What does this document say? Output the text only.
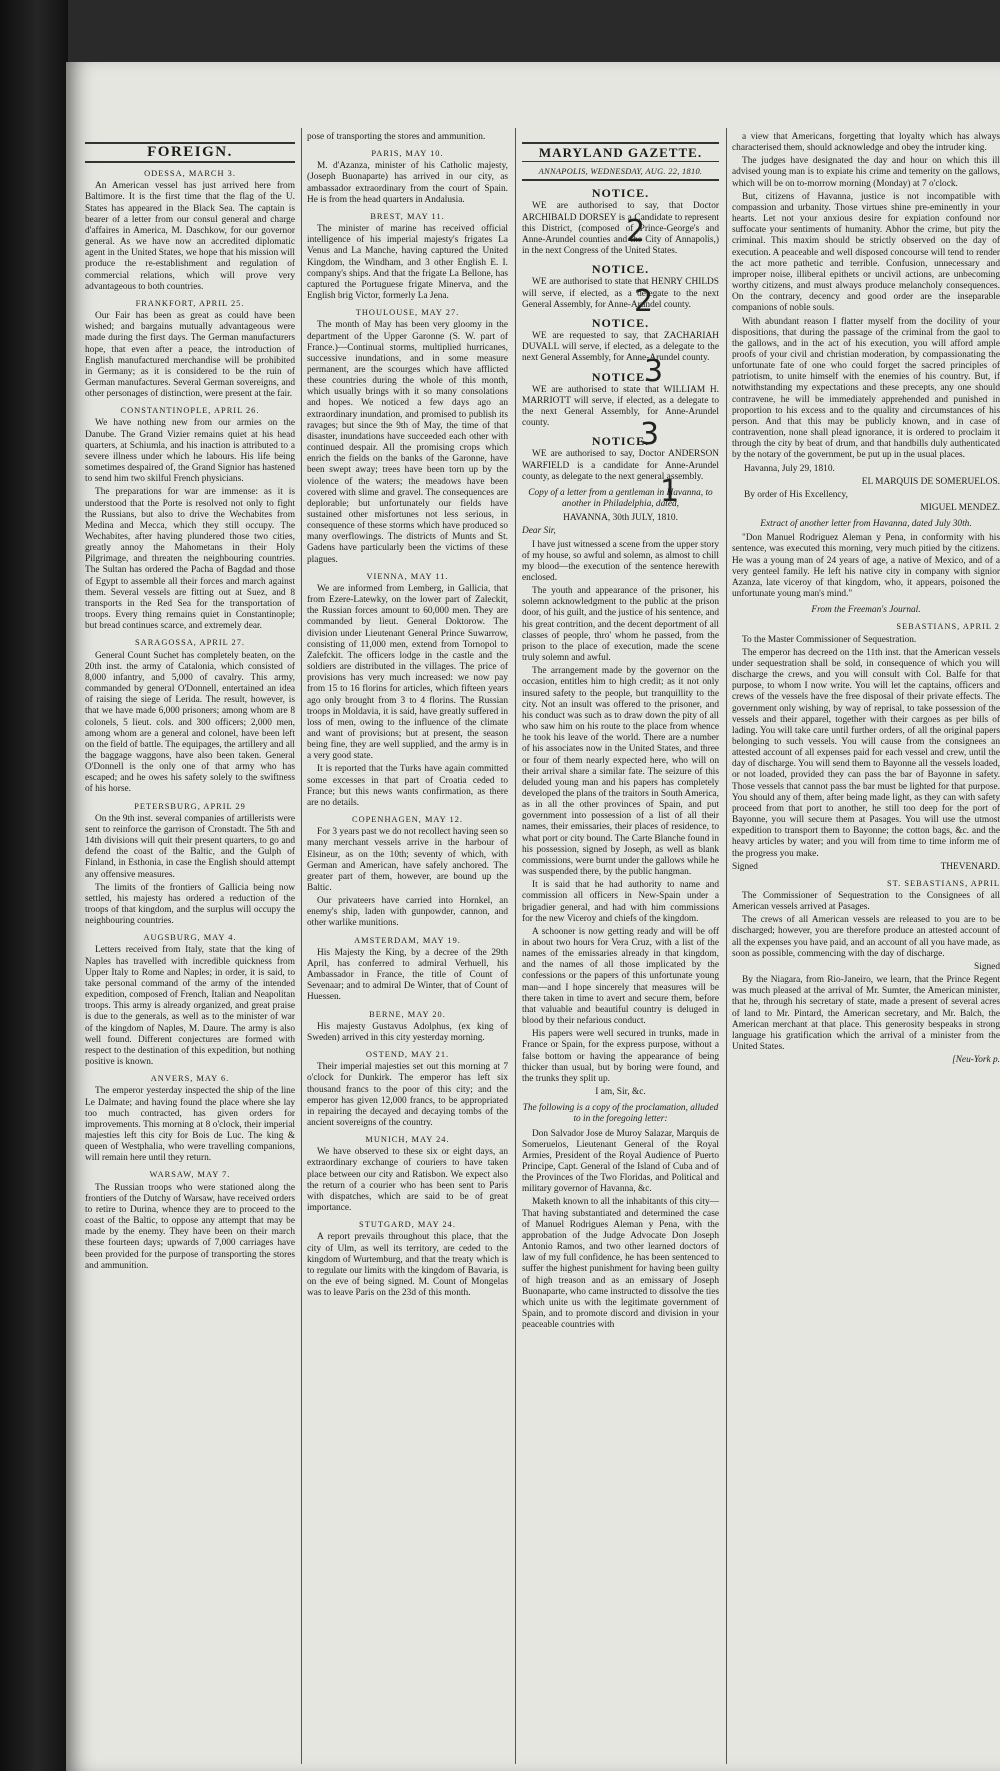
FOREIGN.
ODESSA, MARCH 3.

An American vessel has just arrived here from Baltimore. It is the first time that the flag of the U. States has appeared in the Black Sea. The captain is bearer of a letter from our consul general and charge d'affaires in America, M. Daschkow, for our governor general. As we have now an accredited diplomatic agent in the United States, we hope that his mission will produce the re-establishment and regulation of commercial relations, which will prove very advantageous to both countries.

FRANKFORT, APRIL 25.

Our Fair has been as great as could have been wished; and bargains mutually advantageous were made during the first days. The German manufacturers hope, that even after a peace, the introduction of English manufactured merchandise will be prohibited in Germany; as it is considered to be the ruin of German manufactures. Several German sovereigns, and other personages of distinction, were present at the fair.

CONSTANTINOPLE, APRIL 26.

We have nothing new from our armies on the Danube. The Grand Vizier remains quiet at his head quarters, at Schiumla, and his inaction is attributed to a severe illness under which he labours. His life being sometimes despaired of, the Grand Signior has hastened to send him two skilful French physicians.

The preparations for war are immense: as it is understood that the Porte is resolved not only to fight the Russians, but also to drive the Wechabites from Medina and Mecca, which they still occupy. The Wechabites, after having plundered those two cities, greatly annoy the Mahometans in their Holy Pilgrimage, and threaten the neighbouring countries. The Sultan has ordered the Pacha of Bagdad and those of Egypt to assemble all their forces and march against them. Several vessels are fitting out at Suez, and 8 transports in the Red Sea for the transportation of troops. Every thing remains quiet in Constantinople; but bread continues scarce, and extremely dear.

SARAGOSSA, APRIL 27.

General Count Suchet has completely beaten, on the 20th inst. the army of Catalonia, which consisted of 8,000 infantry, and 5,000 of cavalry. This army, commanded by general O'Donnell, entertained an idea of raising the siege of Lerida. The result, however, is that we have made 6,000 prisoners; among whom are 8 colonels, 5 lieut. cols. and 300 officers; 2,000 men, among whom are a general and colonel, have been left on the field of battle. The equipages, the artillery and all the baggage waggons, have also been taken. General O'Donnell is the only one of that army who has escaped; and he owes his safety solely to the swiftness of his horse.

PETERSBURG, APRIL 29

On the 9th inst. several companies of artillerists were sent to reinforce the garrison of Cronstadt. The 5th and 14th divisions will quit their present quarters, to go and defend the coast of the Baltic, and the Gulph of Finland, in Esthonia, in case the English should attempt any offensive measures.

The limits of the frontiers of Gallicia being now settled, his majesty has ordered a reduction of the troops of that kingdom, and the surplus will occupy the neighbouring countries.

AUGSBURG, MAY 4.

Letters received from Italy, state that the king of Naples has travelled with incredible quickness from Upper Italy to Rome and Naples; in order, it is said, to take personal command of the army of the intended expedition, composed of French, Italian and Neapolitan troops. This army is already organized, and great praise is due to the generals, as well as to the minister of war of the kingdom of Naples, M. Daure. The army is also well found. Different conjectures are formed with respect to the destination of this expedition, but nothing positive is known.

ANVERS, MAY 6.

The emperor yesterday inspected the ship of the line Le Dalmate; and having found the place where she lay too much contracted, has given orders for improvements. This morning at 8 o'clock, their imperial majesties left this city for Bois de Luc. The king & queen of Westphalia, who were travelling companions, will remain here until they return.

WARSAW, MAY 7.

The Russian troops who were stationed along the frontiers of the Dutchy of Warsaw, have received orders to retire to Durina, whence they are to proceed to the coast of the Baltic, to oppose any attempt that may be made by the enemy. They have been on their march these fourteen days; upwards of 7,000 carriages have been provided for the purpose of transporting the stores and ammunition.

pose of transporting the stores and ammunition.

PARIS, MAY 10.

M. d'Azanza, minister of his Catholic majesty, (Joseph Buonaparte) has arrived in our city, as ambassador extraordinary from the court of Spain. He is from the head quarters in Andalusia.

BREST, MAY 11.

The minister of marine has received official intelligence of his imperial majesty's frigates La Venus and La Manche, having captured the United Kingdom, the Windham, and 3 other English E. I. company's ships. And that the frigate La Bellone, has captured the Portuguese frigate Minerva, and the English brig Victor, formerly La Jena.

THOULOUSE, MAY 27.

The month of May has been very gloomy in the department of the Upper Garonne (S. W. part of France.)—Continual storms, multiplied hurricanes, successive inundations, and in some measure permanent, are the scourges which have afflicted these countries during the whole of this month, which usually brings with it so many consolations and hopes. We noticed a few days ago an extraordinary inundation, and promised to publish its ravages; but since the 9th of May, the time of that disaster, inundations have succeeded each other with continued despair. All the promising crops which enrich the fields on the banks of the Garonne, have been swept away; trees have been torn up by the violence of the waters; the meadows have been covered with slime and gravel. The consequences are deplorable; but unfortunately our fields have sustained other misfortunes not less serious, in consequence of these storms which have produced so many overflowings. The districts of Munts and St. Gadens have particularly been the victims of these plagues.

VIENNA, MAY 11.

We are informed from Lemberg, in Gallicia, that from Ezere-Latewky, on the lower part of Zaleckit, the Russian forces amount to 60,000 men. They are commanded by lieut. General Doktorow. The division under Lieutenant General Prince Suwarrow, consisting of 11,000 men, extend from Tornopol to Zalefckit. The officers lodge in the castle and the soldiers are distributed in the villages. The price of provisions has very much increased: we now pay from 15 to 16 florins for articles, which fifteen years ago only brought from 3 to 4 florins. The Russian troops in Moldavia, it is said, have greatly suffered in loss of men, owing to the influence of the climate and want of provisions; but at present, the season being fine, they are well supplied, and the army is in a very good state.

It is reported that the Turks have again committed some excesses in that part of Croatia ceded to France; but this news wants confirmation, as there are no details.

COPENHAGEN, MAY 12.

For 3 years past we do not recollect having seen so many merchant vessels arrive in the harbour of Elsineur, as on the 10th; seventy of which, with German and American, have safely anchored. The greater part of them, however, are bound up the Baltic.

Our privateers have carried into Hornkel, an enemy's ship, laden with gunpowder, cannon, and other warlike munitions.

AMSTERDAM, MAY 19.

His Majesty the King, by a decree of the 29th April, has conferred to admiral Verhuell, his Ambassador in France, the title of Count of Sevenaar; and to admiral De Winter, that of Count of Huessen.

BERNE, MAY 20.

His majesty Gustavus Adolphus, (ex king of Sweden) arrived in this city yesterday morning.

OSTEND, MAY 21.

Their imperial majesties set out this morning at 7 o'clock for Dunkirk. The emperor has left six thousand francs to the poor of this city; and the emperor has given 12,000 francs, to be appropriated in repairing the decayed and decaying tombs of the ancient sovereigns of the country.

MUNICH, MAY 24.

We have observed to these six or eight days, an extraordinary exchange of couriers to have taken place between our city and Ratisbon. We expect also the return of a courier who has been sent to Paris with dispatches, which are said to be of great importance.

STUTGARD, MAY 24.

A report prevails throughout this place, that the city of Ulm, as well its territory, are ceded to the kingdom of Wurtemburg, and that the treaty which is to regulate our limits with the kingdom of Bavaria, is on the eve of being signed. M. Count of Mongelas was to leave Paris on the 23d of this month.

MARYLAND GAZETTE.
ANNAPOLIS, WEDNESDAY, AUG. 22, 1810.
NOTICE.

WE are authorised to say, that Doctor ARCHIBALD DORSEY is a Candidate to represent this District, (composed of Prince-George's and Anne-Arundel counties and the City of Annapolis,) in the next Congress of the United States.

NOTICE.

WE are authorised to state that HENRY CHILDS will serve, if elected, as a delegate to the next General Assembly, for Anne-Arundel county.

NOTICE.

WE are requested to say, that ZACHARIAH DUVALL will serve, if elected, as a delegate to the next General Assembly, for Anne-Arundel county.

NOTICE.

WE are authorised to state that WILLIAM H. MARRIOTT will serve, if elected, as a delegate to the next General Assembly, for Anne-Arundel county.

NOTICE.

WE are authorised to say, Doctor ANDERSON WARFIELD is a candidate for Anne-Arundel county, as delegate to the next general assembly.

Copy of a letter from a gentleman in Havanna, to another in Philadelphia, dated,

HAVANNA, 30th JULY, 1810.

Dear Sir,

I have just witnessed a scene from the upper story of my house, so awful and solemn, as almost to chill my blood—the execution of the sentence herewith enclosed.

The youth and appearance of the prisoner, his solemn acknowledgment to the public at the prison door, of his guilt, and the justice of his sentence, and his great contrition, and the decent deportment of all classes of people, thro' whom he passed, from the prison to the place of execution, made the scene truly solemn and awful.

The arrangement made by the governor on the occasion, entitles him to high credit; as it not only insured safety to the people, but tranquillity to the city. Not an insult was offered to the prisoner, and his conduct was such as to draw down the pity of all who saw him on his route to the place from whence he took his leave of the world. There are a number of his associates now in the United States, and three or four of them nearly expected here, who will on their arrival share a similar fate. The seizure of this deluded young man and his papers has completely developed the plans of the traitors in South America, as in all the other provinces of Spain, and put government into possession of a list of all their names, their emissaries, their places of residence, to what port or city bound. The Carte Blanche found in his possession, signed by Joseph, as well as blank commissions, were burnt under the gallows while he was suspended there, by the public hangman.

It is said that he had authority to name and commission all officers in New-Spain under a brigadier general, and had with him commissions for the new Viceroy and chiefs of the kingdom.

A schooner is now getting ready and will be off in about two hours for Vera Cruz, with a list of the names of the emissaries already in that kingdom, and the names of all those implicated by the confessions or the papers of this unfortunate young man—and I hope sincerely that measures will be there taken in time to avert and secure them, before that valuable and beautiful country is deluged in blood by their nefarious conduct.

His papers were well secured in trunks, made in France or Spain, for the express purpose, without a false bottom or having the appearance of being thicker than usual, but by boring were found, and the trunks they split up.

I am, Sir, &c.

The following is a copy of the proclamation, alluded to in the foregoing letter:

Don Salvador Jose de Muroy Salazar, Marquis de Someruelos, Lieutenant General of the Royal Armies, President of the Royal Audience of Puerto Principe, Capt. General of the Island of Cuba and of the Provinces of the Two Floridas, and Political and military governor of Havanna, &c.

Maketh known to all the inhabitants of this city—That having substantiated and determined the case of Manuel Rodrigues Aleman y Pena, with the approbation of the Judge Advocate Don Joseph Antonio Ramos, and two other learned doctors of law of my full confidence, he has been sentenced to suffer the highest punishment for having been guilty of high treason and as an emissary of Joseph Buonaparte, who came instructed to dissolve the ties which unite us with the legitimate government of Spain, and to promote discord and division in your peaceable countries with

a view that Americans, forgetting that loyalty which has always characterised them, should acknowledge and obey the intruder king.

The judges have designated the day and hour on which this ill advised young man is to expiate his crime and temerity on the gallows, which will be on to-morrow morning (Monday) at 7 o'clock.

But, citizens of Havanna, justice is not incompatible with compassion and urbanity. Those virtues shine pre-eminently in your hearts. Let not your anxious desire for expiation confound nor suffocate your sentiments of humanity. Abhor the crime, but pity the criminal. This maxim should be strictly observed on the day of execution. A peaceable and well disposed concourse will tend to render the act more pathetic and terrible. Confusion, unnecessary and improper noise, illiberal epithets or uncivil actions, are unbecoming worthy citizens, and must always produce melancholy consequences. On the contrary, decency and good order are the inseparable companions of noble souls.

With abundant reason I flatter myself from the docility of your dispositions, that during the passage of the criminal from the gaol to the gallows, and in the act of his execution, you will afford ample proofs of your civil and christian moderation, by compassionating the unfortunate fate of one who could forget the sacred principles of patriotism, to unite himself with the enemies of his country. But, if notwithstanding my expectations and these precepts, any one should contravene, he will be immediately apprehended and punished in proportion to his excess and to the quality and circumstances of his person. And that this may be publicly known, and in case of contravention, none shall plead ignorance, it is ordered to proclaim it through the city by beat of drum, and that handbills duly authenticated by the notary of the government, be put up in the usual places.

Havanna, July 29, 1810.

EL MARQUIS DE SOMERUELOS.

By order of His Excellency,

MIGUEL MENDEZ.

Extract of another letter from Havanna, dated July 30th.

"Don Manuel Rodriguez Aleman y Pena, in conformity with his sentence, was executed this morning, very much pitied by the citizens. He was a young man of 24 years of age, a native of Mexico, and of a very genteel family. He left his native city in company with signior Azanza, late viceroy of that kingdom, who, it appears, poisoned the unfortunate young man's mind."

From the Freeman's Journal.

SEBASTIANS, APRIL 2

To the Master Commissioner of Sequestration.

The emperor has decreed on the 11th inst. that the American vessels under sequestration shall be sold, in consequence of which you will discharge the crews, and you will consult with Col. Balfe for that purpose, to whom I now write. You will let the captains, officers and crews of the vessels have the free disposal of their private effects. The government only wishing, by way of reprisal, to take possession of the vessels and their apparel, together with their cargoes as per bills of lading. You will take care until further orders, of all the original papers belonging to such vessels. You will cause from the consignees an attested account of all expenses paid for each vessel and crew, until the day of discharge. You will send them to Bayonne all the vessels loaded, or not loaded, provided they can pass the bar of Bayonne in safety. Those vessels that cannot pass the bar must be lighted for that purpose. You should any of them, after being made light, as they can with safety proceed from that port to another, he still too deep for the port of Bayonne, you will secure them at Pasages. You will use the utmost expedition to transport them to Bayonne; the cotton bags, &c. and the heavy articles by water; and you will from time to time inform me of the progress you make.

Signed	THEVENARD.

ST. SEBASTIANS, APRIL

The Commissioner of Sequestration to the Consignees of all American vessels arrived at Pasages.

The crews of all American vessels are released to you are to be discharged; however, you are therefore produce an attested account of all the expenses you have paid, and an account of all you have made, as soon as possible, commencing with the day of discharge.

Signed

By the Niagara, from Rio-Janeiro, we learn, that the Prince Regent was much pleased at the arrival of Mr. Sumter, the American minister, that he, through his secretary of state, made a present of several acres of land to Mr. Pintard, the American secretary, and Mr. Balch, the American merchant at that place. This generosity bespeaks in strong language his gratification which the arrival of a minister from the United States.

[Neu-York p.

2
2
3
3
1
